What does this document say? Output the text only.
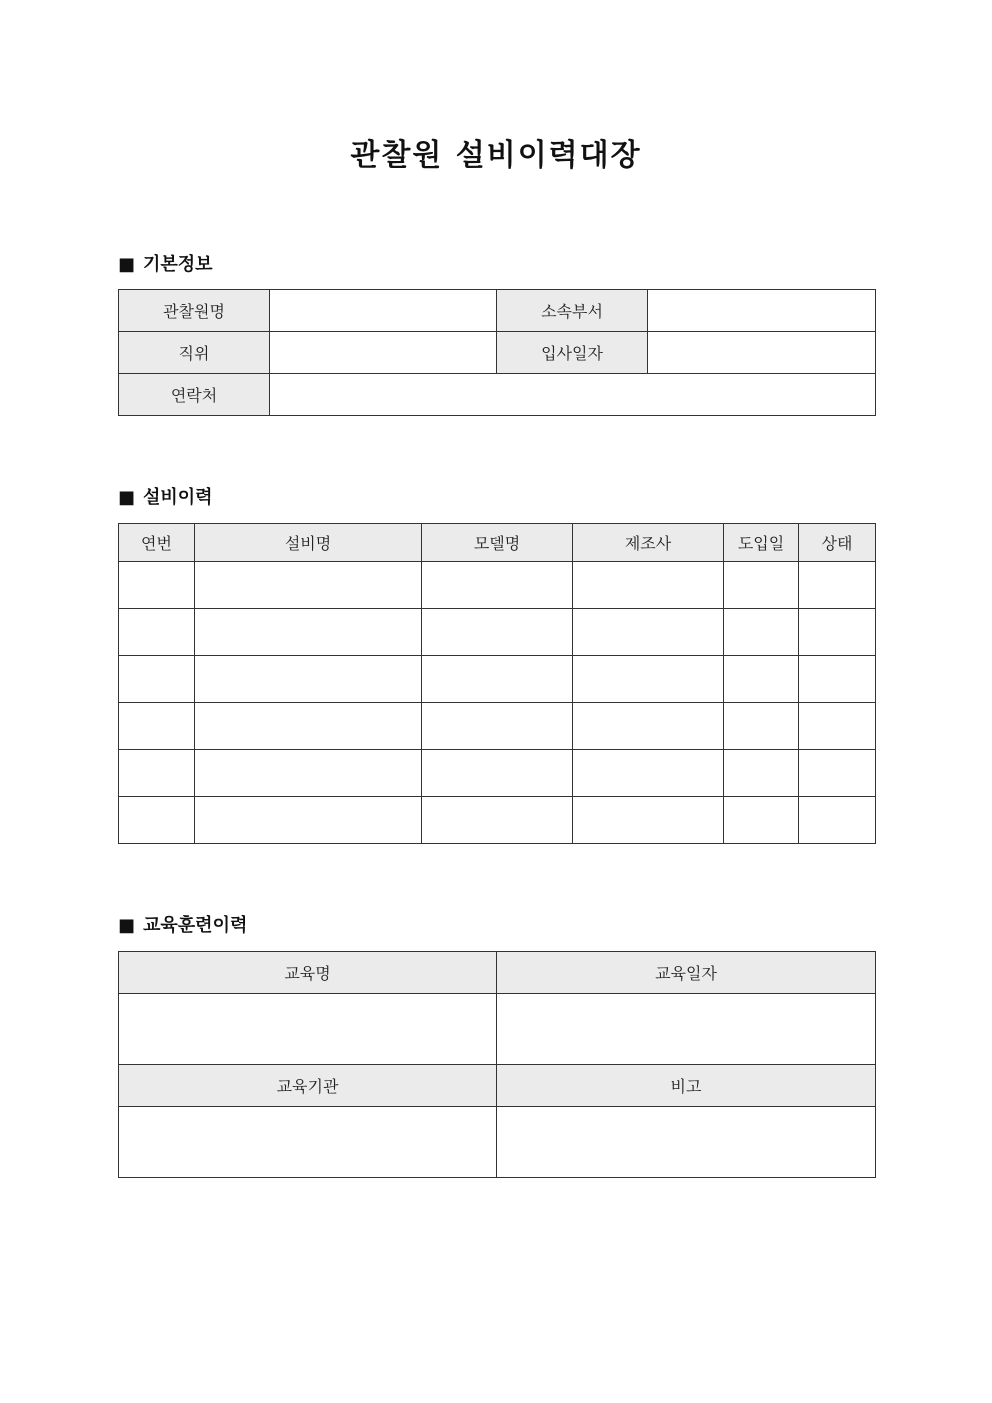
관찰원 설비이력대장
■ 기본정보
관찰원명		소속부서	
직위		입사일자	
연락처			
■ 설비이력
연번	설비명	모델명	제조사	도입일	상태

■ 교육훈련이력
교육명	교육일자

교육기관	비고
